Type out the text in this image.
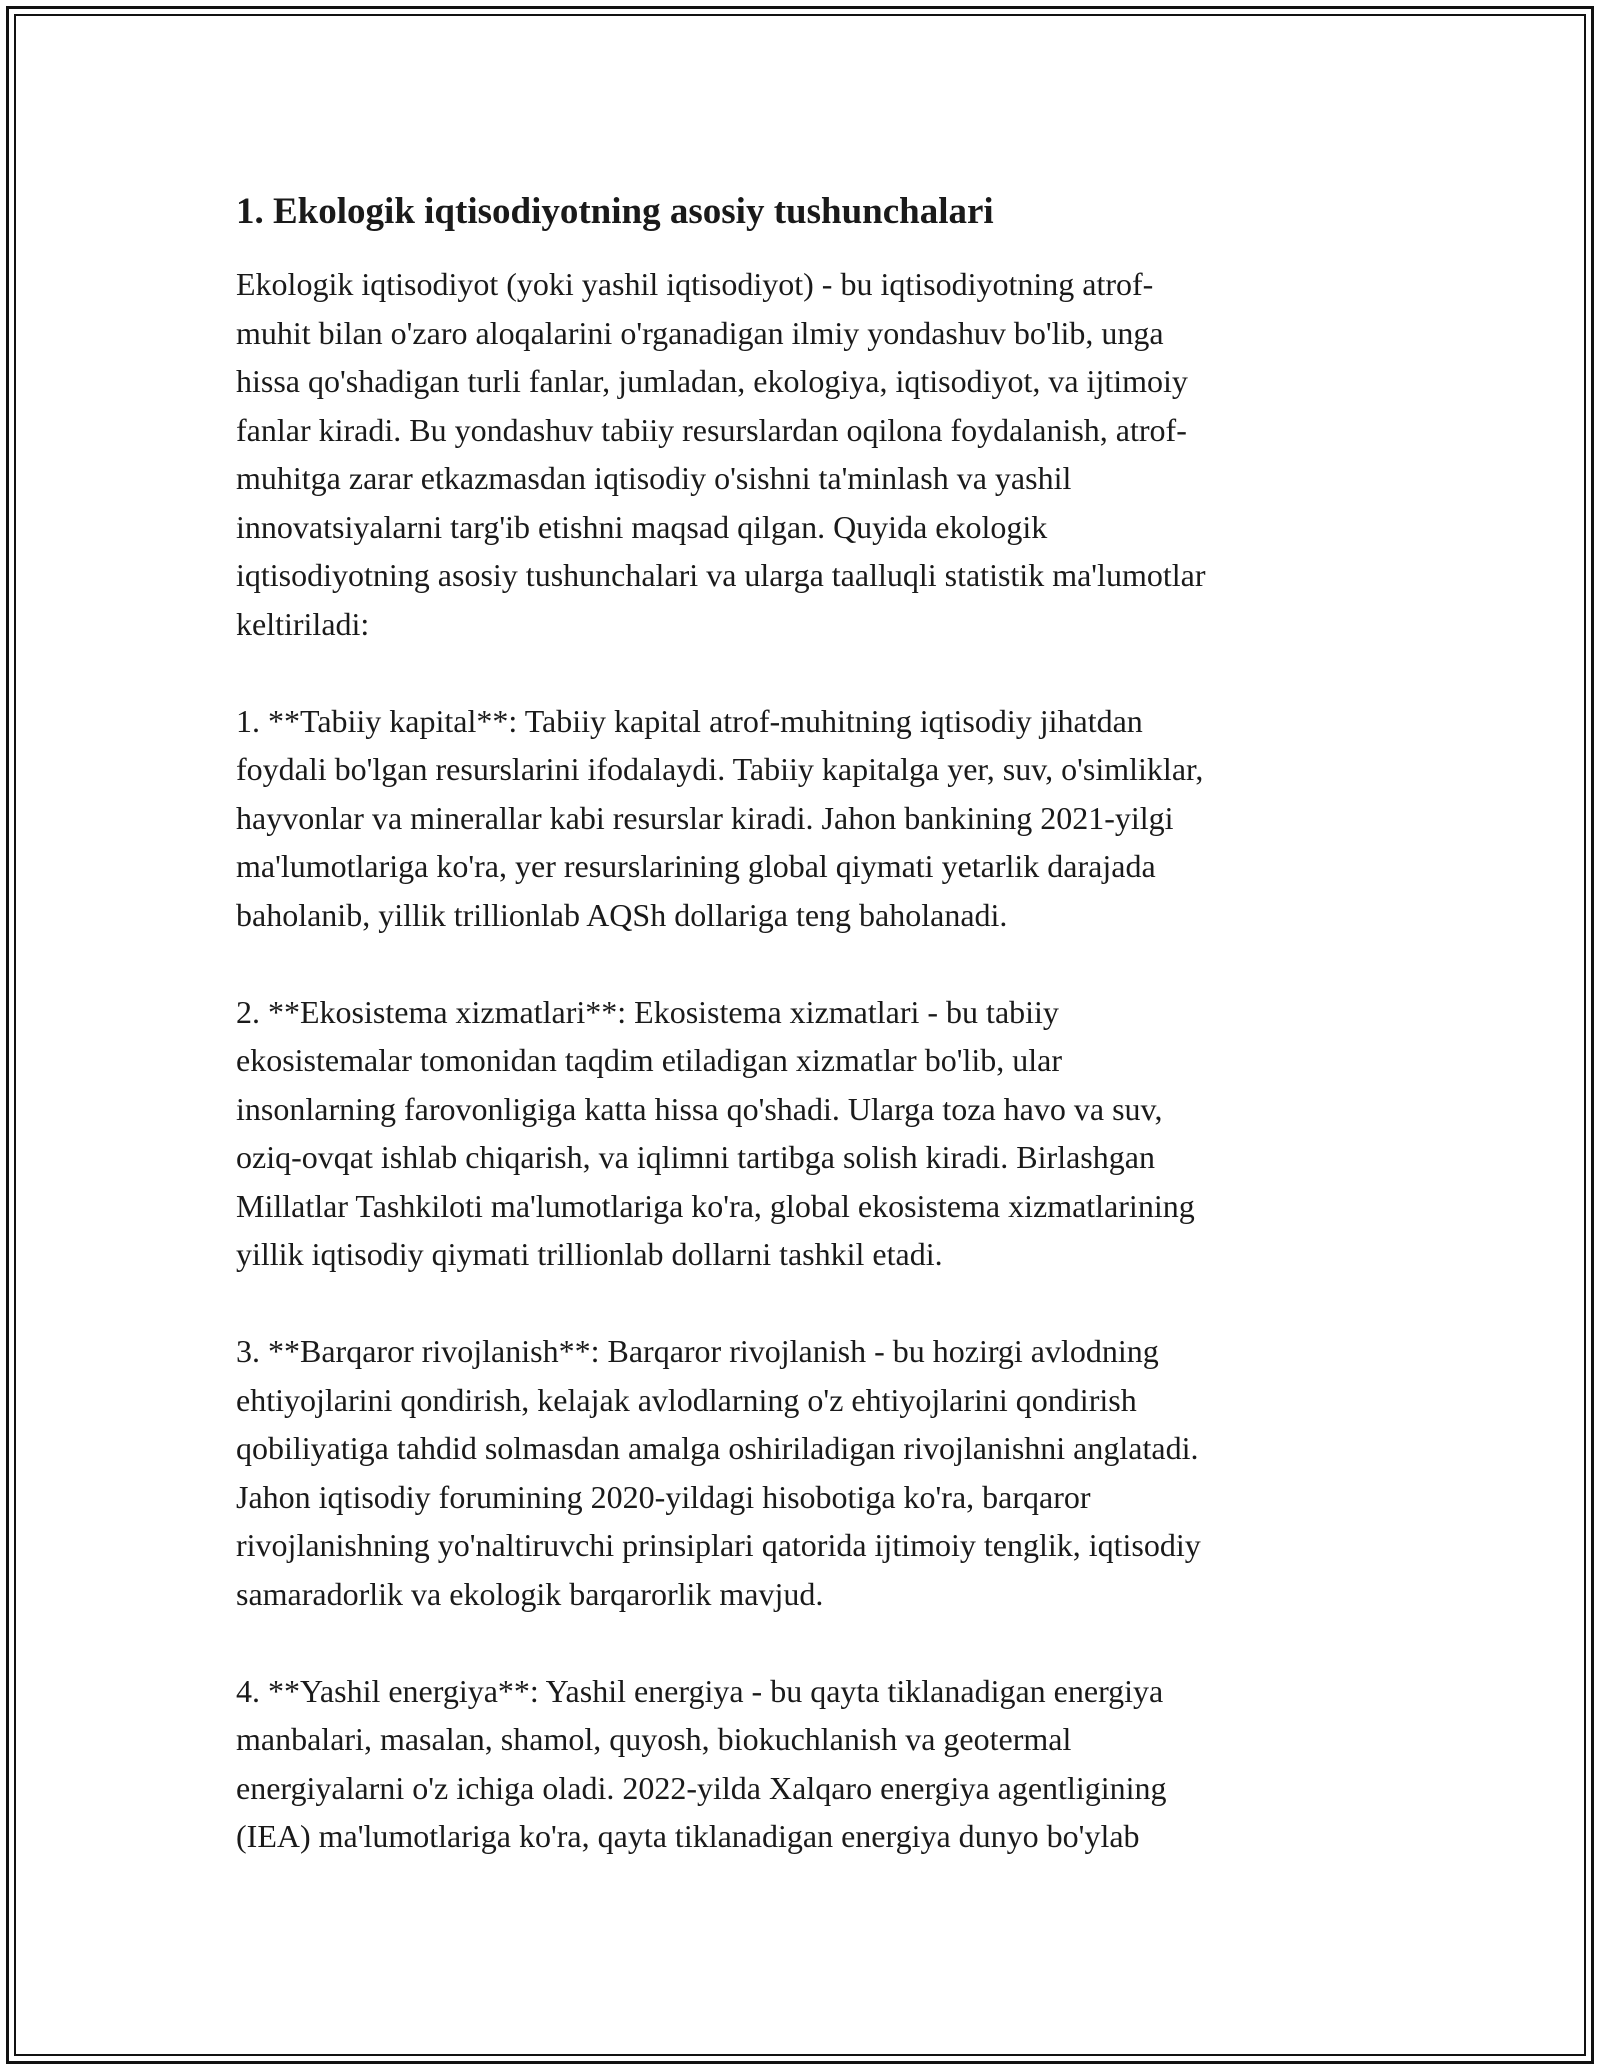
1. Ekologik iqtisodiyotning asosiy tushunchalari

Ekologik iqtisodiyot (yoki yashil iqtisodiyot) - bu iqtisodiyotning atrof-
muhit bilan o'zaro aloqalarini o'rganadigan ilmiy yondashuv bo'lib, unga
hissa qo'shadigan turli fanlar, jumladan, ekologiya, iqtisodiyot, va ijtimoiy
fanlar kiradi. Bu yondashuv tabiiy resurslardan oqilona foydalanish, atrof-
muhitga zarar etkazmasdan iqtisodiy o'sishni ta'minlash va yashil
innovatsiyalarni targ'ib etishni maqsad qilgan. Quyida ekologik
iqtisodiyotning asosiy tushunchalari va ularga taalluqli statistik ma'lumotlar
keltiriladi:

1. **Tabiiy kapital**: Tabiiy kapital atrof-muhitning iqtisodiy jihatdan
foydali bo'lgan resurslarini ifodalaydi. Tabiiy kapitalga yer, suv, o'simliklar,
hayvonlar va minerallar kabi resurslar kiradi. Jahon bankining 2021-yilgi
ma'lumotlariga ko'ra, yer resurslarining global qiymati yetarlik darajada
baholanib, yillik trillionlab AQSh dollariga teng baholanadi.

2. **Ekosistema xizmatlari**: Ekosistema xizmatlari - bu tabiiy
ekosistemalar tomonidan taqdim etiladigan xizmatlar bo'lib, ular
insonlarning farovonligiga katta hissa qo'shadi. Ularga toza havo va suv,
oziq-ovqat ishlab chiqarish, va iqlimni tartibga solish kiradi. Birlashgan
Millatlar Tashkiloti ma'lumotlariga ko'ra, global ekosistema xizmatlarining
yillik iqtisodiy qiymati trillionlab dollarni tashkil etadi.

3. **Barqaror rivojlanish**: Barqaror rivojlanish - bu hozirgi avlodning
ehtiyojlarini qondirish, kelajak avlodlarning o'z ehtiyojlarini qondirish
qobiliyatiga tahdid solmasdan amalga oshiriladigan rivojlanishni anglatadi.
Jahon iqtisodiy forumining 2020-yildagi hisobotiga ko'ra, barqaror
rivojlanishning yo'naltiruvchi prinsiplari qatorida ijtimoiy tenglik, iqtisodiy
samaradorlik va ekologik barqarorlik mavjud.

4. **Yashil energiya**: Yashil energiya - bu qayta tiklanadigan energiya
manbalari, masalan, shamol, quyosh, biokuchlanish va geotermal
energiyalarni o'z ichiga oladi. 2022-yilda Xalqaro energiya agentligining
(IEA) ma'lumotlariga ko'ra, qayta tiklanadigan energiya dunyo bo'ylab
